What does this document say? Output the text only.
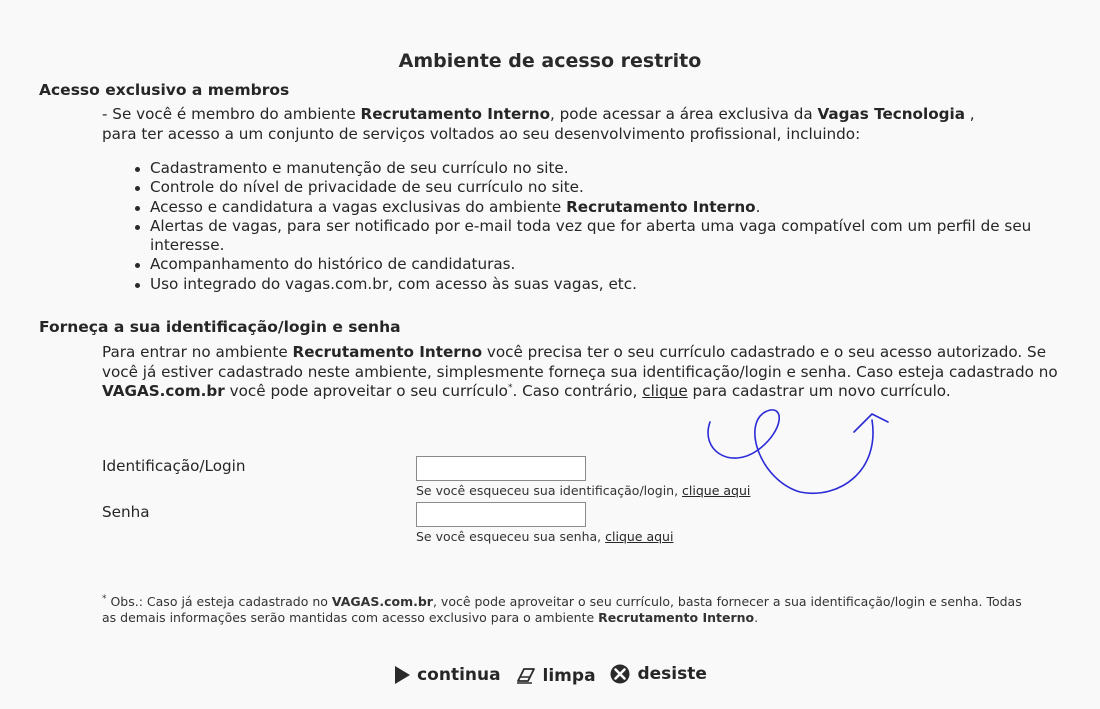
Ambiente de acesso restrito
Acesso exclusivo a membros
- Se você é membro do ambiente Recrutamento Interno, pode acessar a área exclusiva da Vagas Tecnologia ,
para ter acesso a um conjunto de serviços voltados ao seu desenvolvimento profissional, incluindo:
Cadastramento e manutenção de seu currículo no site.
Controle do nível de privacidade de seu currículo no site.
Acesso e candidatura a vagas exclusivas do ambiente Recrutamento Interno.
Alertas de vagas, para ser notificado por e-mail toda vez que for aberta uma vaga compatível com um perfil de seu interesse.
Acompanhamento do histórico de candidaturas.
Uso integrado do vagas.com.br, com acesso às suas vagas, etc.
Forneça a sua identificação/login e senha
Para entrar no ambiente Recrutamento Interno você precisa ter o seu currículo cadastrado e o seu acesso autorizado. Se você já estiver cadastrado neste ambiente, simplesmente forneça sua identificação/login e senha. Caso esteja cadastrado no VAGAS.com.br você pode aproveitar o seu currículo*. Caso contrário, clique para cadastrar um novo currículo.
Identificação/Login
Se você esqueceu sua identificação/login, clique aqui
Senha
Se você esqueceu sua senha, clique aqui
* Obs.: Caso já esteja cadastrado no VAGAS.com.br, você pode aproveitar o seu currículo, basta fornecer a sua identificação/login e senha. Todas as demais informações serão mantidas com acesso exclusivo para o ambiente Recrutamento Interno.
continua
limpa
desiste
